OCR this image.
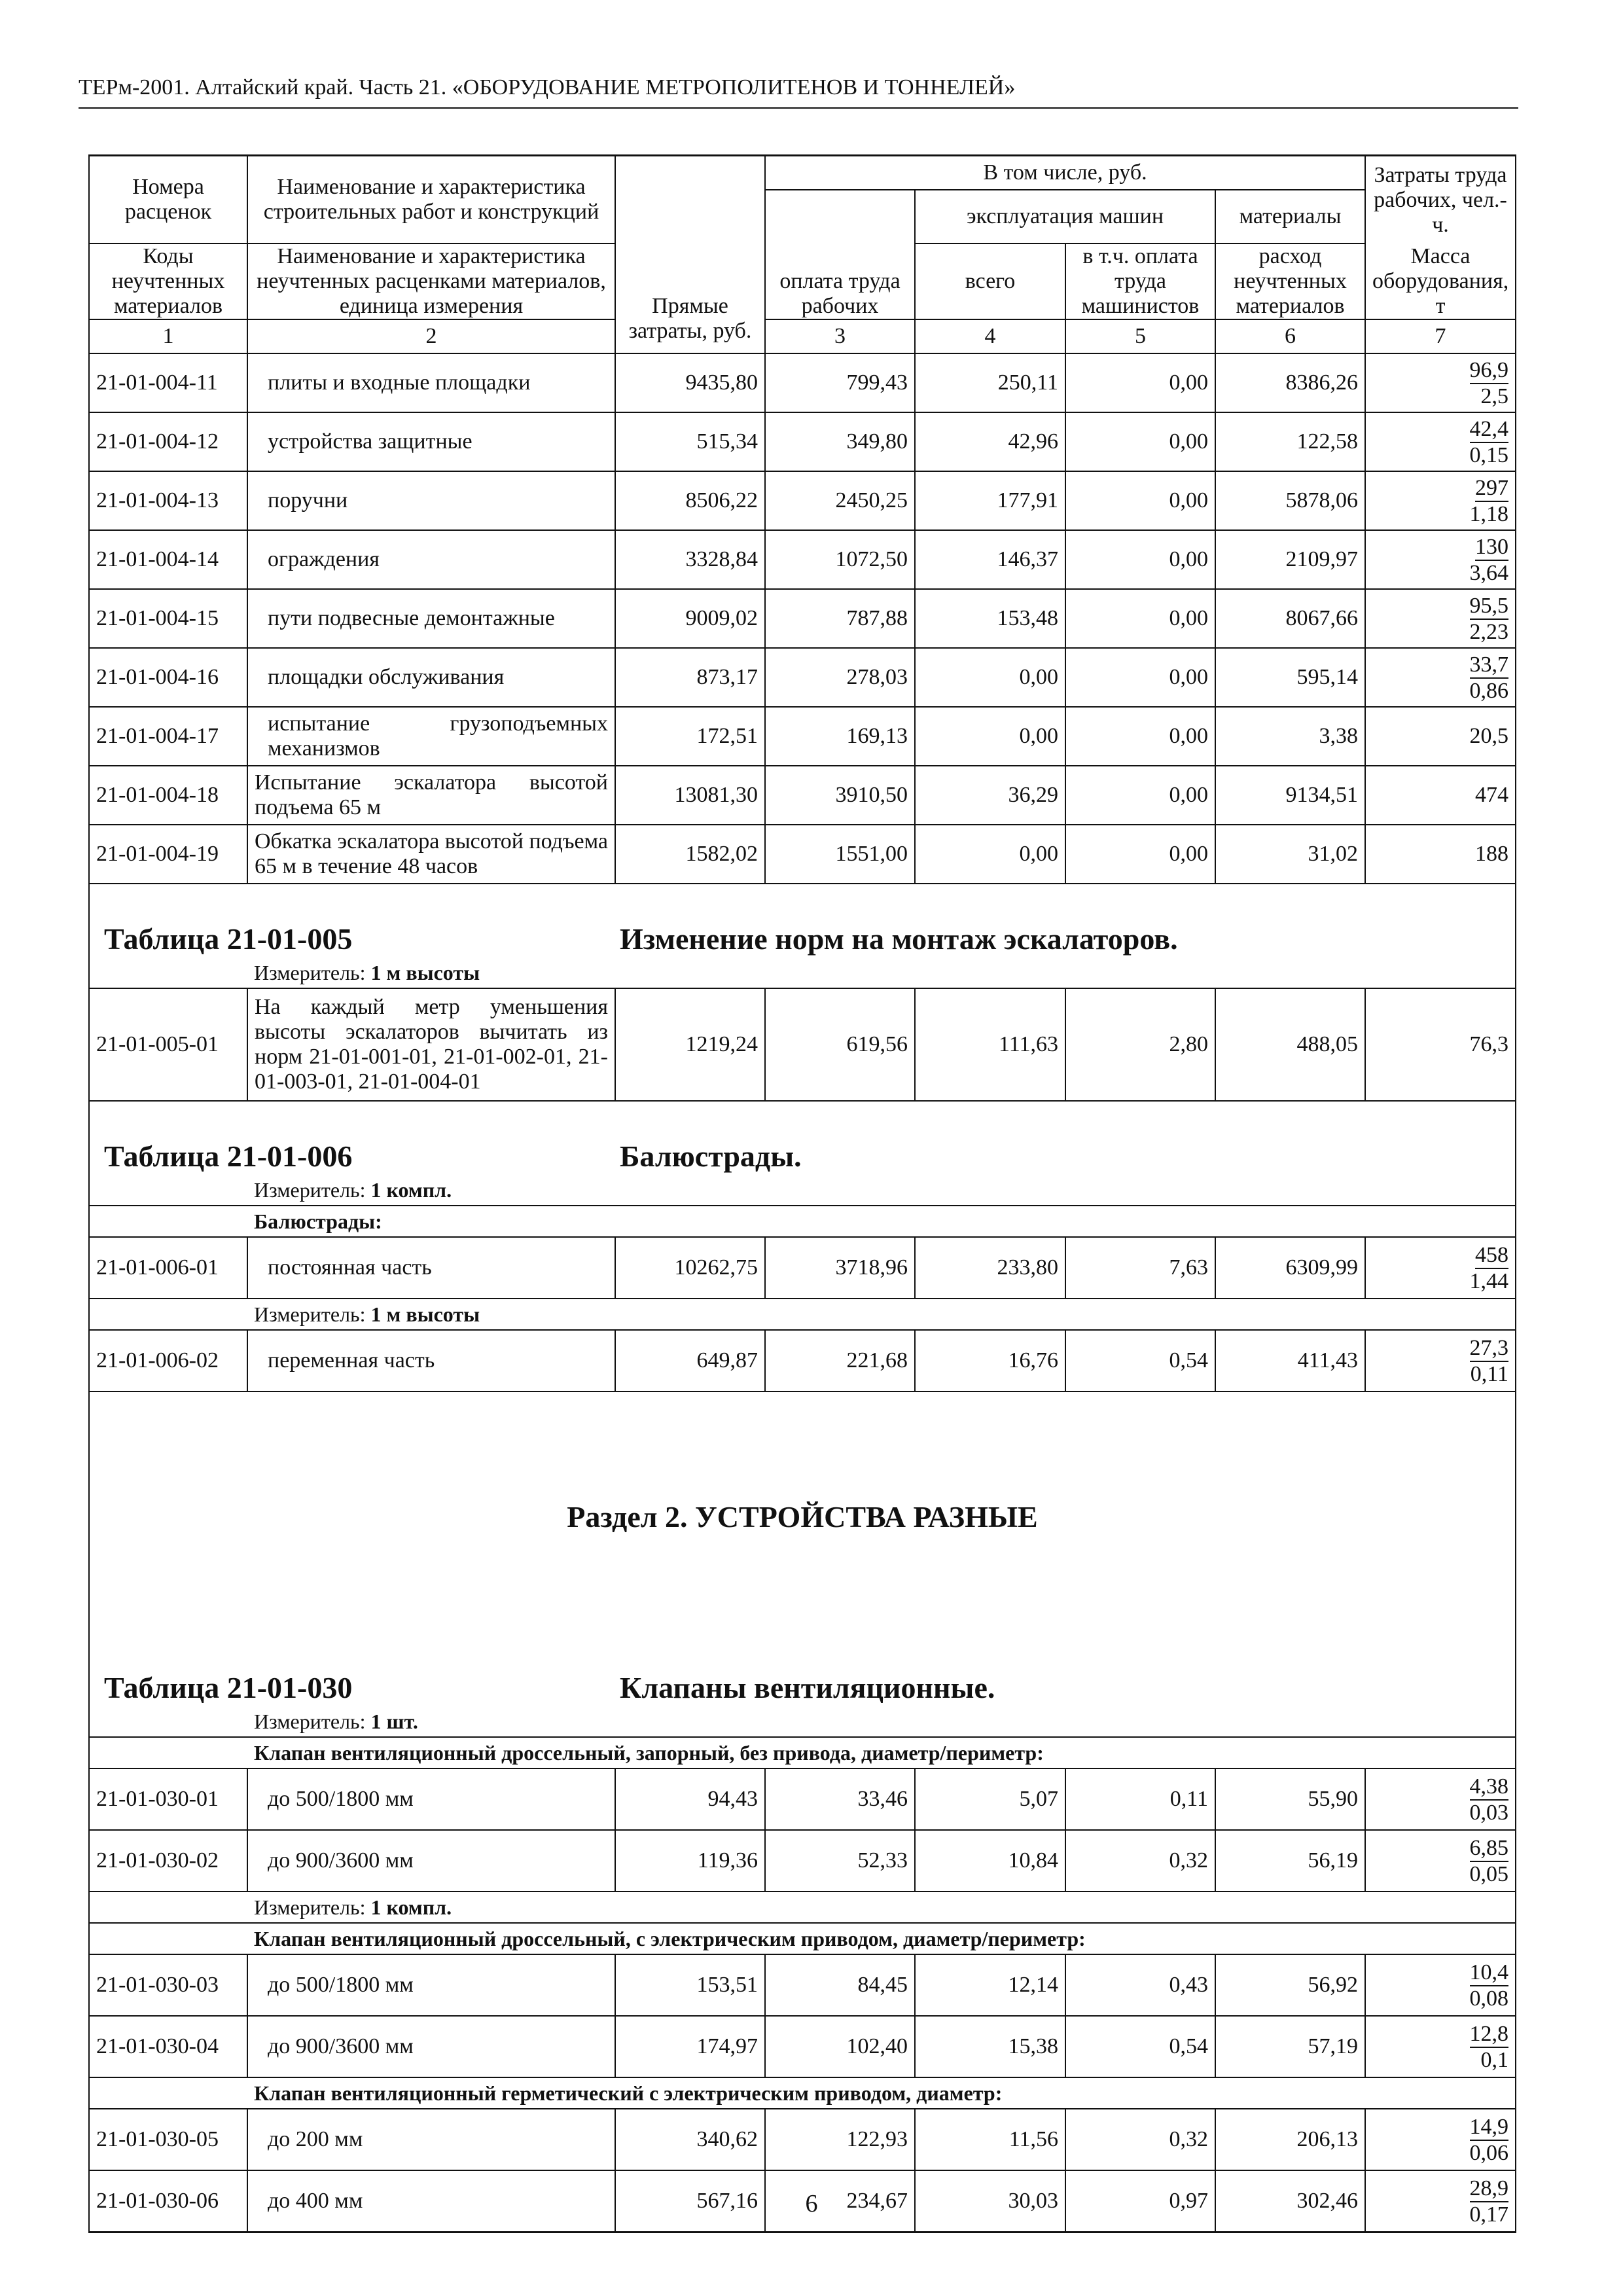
ТЕРм-2001. Алтайский край. Часть 21. «ОБОРУДОВАНИЕ МЕТРОПОЛИТЕНОВ И ТОННЕЛЕЙ»
Номера расценок	Наименование и характеристика строительных работ и конструкций	Прямые затраты, руб.	В том числе, руб.				Затраты труда рабочих, чел.-ч.	
			оплата труда рабочих	эксплуатация машин		материалы		
Коды неучтенных материалов	Наименование и характеристика неучтенных расценками материалов, единица измерения			всего	в т.ч. оплата труда машинистов	расход неучтенных материалов	Масса оборудования, т	
1	2		3	4	5	6	7	
21-01-004-11	плиты и входные площадки	9435,80	799,43	250,11	0,00	8386,26	$\frac{96,9}{2,5}$

21-01-004-12	устройства защитные	515,34	349,80	42,96	0,00	122,58	$\frac{42,4}{0,15}$

21-01-004-13	поручни	8506,22	2450,25	177,91	0,00	5878,06	$\frac{297}{1,18}$

21-01-004-14	ограждения	3328,84	1072,50	146,37	0,00	2109,97	$\frac{130}{3,64}$

21-01-004-15	пути подвесные демонтажные	9009,02	787,88	153,48	0,00	8067,66	$\frac{95,5}{2,23}$

21-01-004-16	площадки обслуживания	873,17	278,03	0,00	0,00	595,14	$\frac{33,7}{0,86}$

21-01-004-17	испытание грузоподъемных механизмов	172,51	169,13	0,00	0,00	3,38	20,5	
21-01-004-18	Испытание эскалатора высотой подъема 65 м	13081,30	3910,50	36,29	0,00	9134,51	474	
21-01-004-19	Обкатка эскалатора высотой подъема 65 м в течение 48 часов	1582,02	1551,00	0,00	0,00	31,02	188	
Таблица 21-01-005 Изменение норм на монтаж эскалаторов.								
	Измеритель: 1 м высоты							
21-01-005-01	На каждый метр уменьшения высоты эскалаторов вычитать из норм 21-01-001-01, 21-01-002-01, 21-01-003-01, 21-01-004-01	1219,24	619,56	111,63	2,80	488,05	76,3	
Таблица 21-01-006 Балюстрады.								
	Измеритель: 1 компл.							
	Балюстрады:							
21-01-006-01	постоянная часть	10262,75	3718,96	233,80	7,63	6309,99	$\frac{458}{1,44}$

	Измеритель: 1 м высоты							
21-01-006-02	переменная часть	649,87	221,68	16,76	0,54	411,43	$\frac{27,3}{0,11}$

Раздел 2. УСТРОЙСТВА РАЗНЫЕ								
Таблица 21-01-030 Клапаны вентиляционные.								
	Измеритель: 1 шт.							
	Клапан вентиляционный дроссельный, запорный, без привода, диаметр/периметр:							
21-01-030-01	до 500/1800 мм	94,43	33,46	5,07	0,11	55,90	$\frac{4,38}{0,03}$

21-01-030-02	до 900/3600 мм	119,36	52,33	10,84	0,32	56,19	$\frac{6,85}{0,05}$

	Измеритель: 1 компл.							
	Клапан вентиляционный дроссельный, с электрическим приводом, диаметр/периметр:							
21-01-030-03	до 500/1800 мм	153,51	84,45	12,14	0,43	56,92	$\frac{10,4}{0,08}$

21-01-030-04	до 900/3600 мм	174,97	102,40	15,38	0,54	57,19	$\frac{12,8}{0,1}$

	Клапан вентиляционный герметический с электрическим приводом, диаметр:							
21-01-030-05	до 200 мм	340,62	122,93	11,56	0,32	206,13	$\frac{14,9}{0,06}$

21-01-030-06	до 400 мм	567,16	234,67	30,03	0,97	302,46	$\frac{28,9}{0,17}$
6
